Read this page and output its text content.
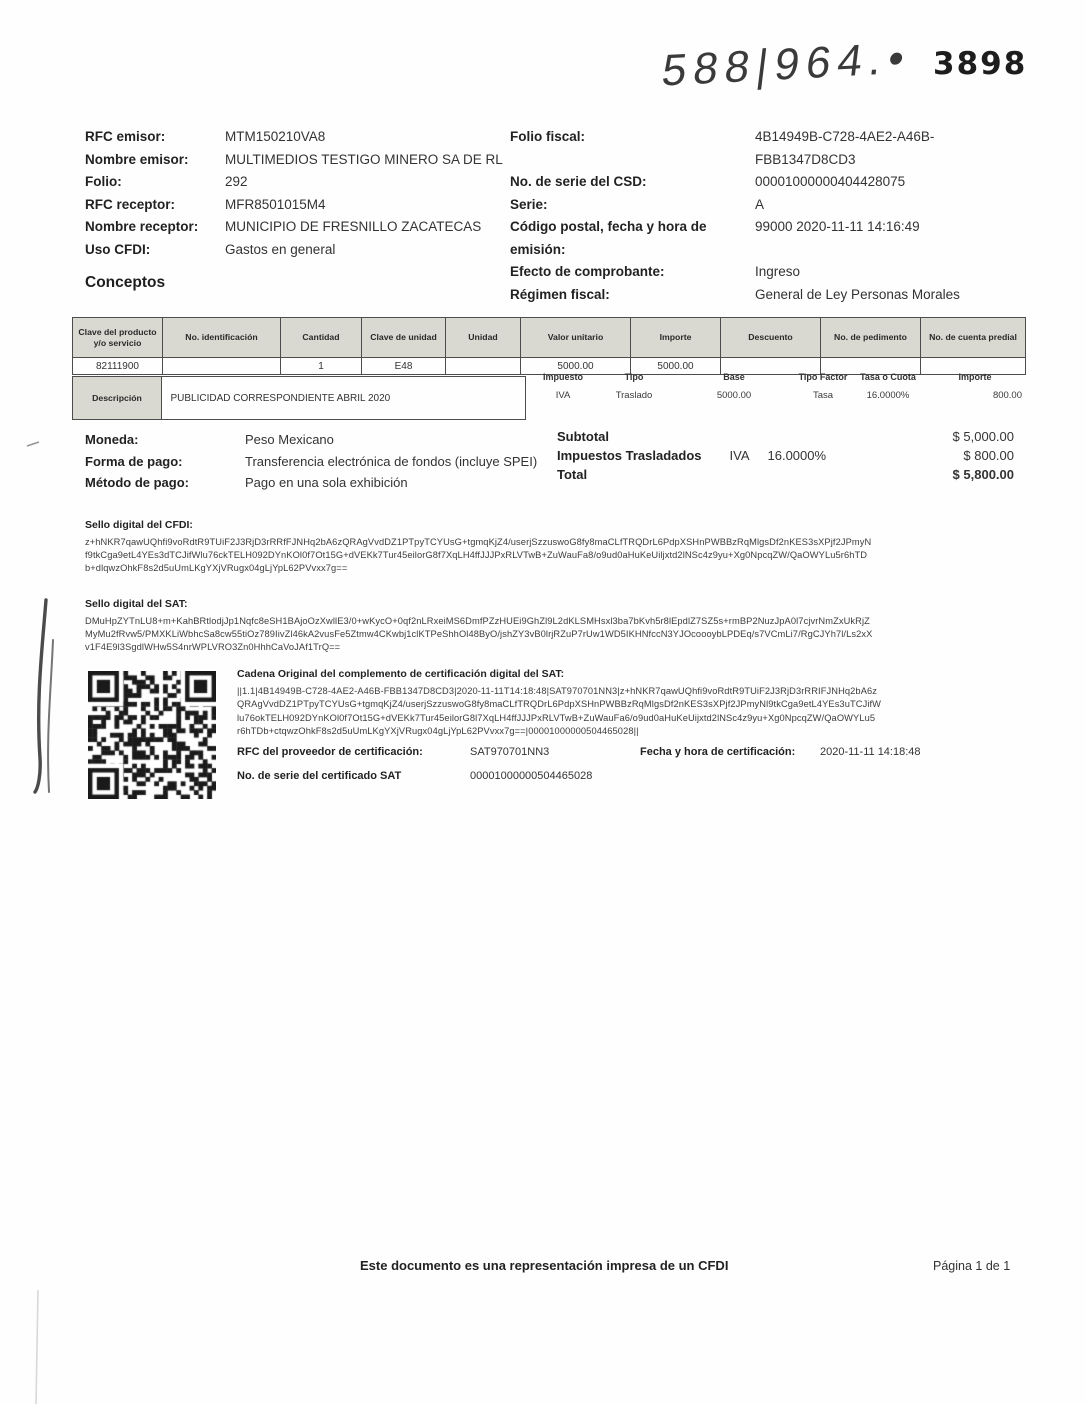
588|964.• 3898
RFC emisor:	MTM150210VA8
Nombre emisor:	MULTIMEDIOS TESTIGO MINERO SA DE RL
Folio:	292
RFC receptor:	MFR8501015M4
Nombre receptor:	MUNICIPIO DE FRESNILLO ZACATECAS
Uso CFDI:	Gastos en general
Folio fiscal:	4B14949B-C728-4AE2-A46B-FBB1347D8CD3
No. de serie del CSD:	00001000000404428075
Serie:	A
Código postal, fecha y hora de emisión:
99000 2020-11-11 14:16:49
Efecto de comprobante:	Ingreso
Régimen fiscal:	General de Ley Personas Morales
Conceptos
Clave del producto y/o servicio	No. identificación	Cantidad	Clave de unidad	Unidad	Valor unitario	Importe	Descuento	No. de pedimento	No. de cuenta predial
82111900		1	E48		5000.00	5000.00			
Descripción	PUBLICIDAD CORRESPONDIENTE ABRIL 2020
Impuesto	Tipo	Base	Tipo Factor	Tasa o Cuota	Importe
IVA	Traslado	5000.00	Tasa	16.0000%	800.00
Moneda:	Peso Mexicano
Forma de pago:	Transferencia electrónica de fondos (incluye SPEI)
Método de pago:	Pago en una sola exhibición
Subtotal	$ 5,000.00
Impuestos Trasladados IVA 16.0000%	$ 800.00
Total	$ 5,800.00
Sello digital del CFDI:
z+hNKR7qawUQhfi9voRdtR9TUiF2J3RjD3rRRfFJNHq2bA6zQRAgVvdDZ1PTpyTCYUsG+tgmqKjZ4/userjSzzuswoG8fy8maCLfTRQDrL6PdpXSHnPWBBzRqMlgsDf2nKES3sXPjf2JPmyN
f9tkCga9etL4YEs3dTCJifWlu76ckTELH092DYnKOl0f7Ot15G+dVEKk7Tur45eilorG8f7XqLH4ffJJJPxRLVTwB+ZuWauFa8/o9ud0aHuKeUiljxtd2lNSc4z9yu+Xg0NpcqZW/QaOWYLu5r6hTD
b+dlqwzOhkF8s2d5uUmLKgYXjVRugx04gLjYpL62PVvxx7g==
Sello digital del SAT:
DMuHpZYTnLU8+m+KahBRtlodjJp1Nqfc8eSH1BAjoOzXwllE3/0+wKycO+0qf2nLRxeiMS6DmfPZzHUEi9GhZl9L2dKLSMHsxl3ba7bKvh5r8lEpdlZ7SZ5s+rmBP2NuzJpA0l7cjvrNmZxUkRjZ
MyMu2fRvw5/PMXKLiWbhcSa8cw55tiOz789IivZl46kA2vusFe5Ztmw4CKwbj1clKTPeShhOl48ByO/jshZY3vB0lrjRZuP7rUw1WD5IKHNfccN3YJOcoooybLPDEq/s7VCmLi7/RgCJYh7l/Ls2xX
v1F4E9l3SgdlWHw5S4nrWPLVRO3Zn0HhhCaVoJAf1TrQ==
Cadena Original del complemento de certificación digital del SAT:
||1.1|4B14949B-C728-4AE2-A46B-FBB1347D8CD3|2020-11-11T14:18:48|SAT970701NN3|z+hNKR7qawUQhfi9voRdtR9TUiF2J3RjD3rRRIFJNHq2bA6z
QRAgVvdDZ1PTpyTCYUsG+tgmqKjZ4/userjSzzuswoG8fy8maCLfTRQDrL6PdpXSHnPWBBzRqMlgsDf2nKES3sXPjf2JPmyNl9tkCga9etL4YEs3uTCJifW
lu76okTELH092DYnKOl0f7Ot15G+dVEKk7Tur45eilorG8l7XqLH4ffJJJPxRLVTwB+ZuWauFa6/o9ud0aHuKeUijxtd2lNSc4z9yu+Xg0NpcqZW/QaOWYLu5
r6hTDb+ctqwzOhkF8s2d5uUmLKgYXjVRugx04gLjYpL62PVvxx7g==|00001000000504465028||
RFC del proveedor de certificación:	SAT970701NN3	Fecha y hora de certificación: 2020-11-11 14:18:48
No. de serie del certificado SAT	00001000000504465028
Este documento es una representación impresa de un CFDI	Página 1 de 1
